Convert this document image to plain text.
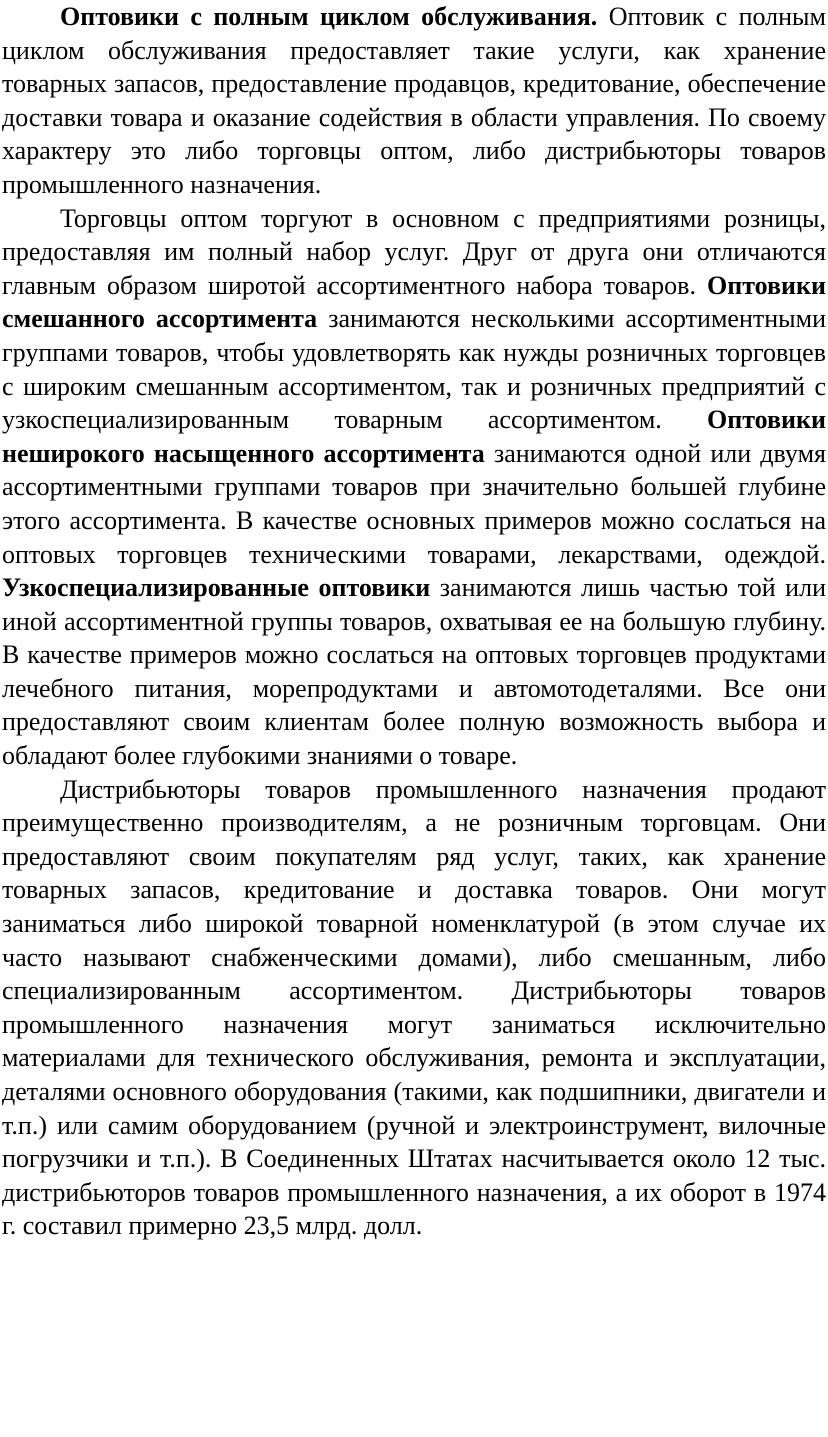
Оптовики с полным циклом обслуживания. Оптовик с полным циклом обслуживания предоставляет такие услуги, как хранение товарных запасов, предоставление продавцов, кредитование, обеспечение доставки товара и оказание содействия в области управления. По своему характеру это либо торговцы оптом, либо дистрибьюторы товаров промышленного назначения.

Торговцы оптом торгуют в основном с предприятиями розницы, предоставляя им полный набор услуг. Друг от друга они отличаются главным образом широтой ассортиментного набора товаров. Оптовики смешанного ассортимента занимаются несколькими ассортиментными группами товаров, чтобы удовлетворять как нужды розничных торговцев с широким смешанным ассортиментом, так и розничных предприятий с узкоспециализированным товарным ассортиментом. Оптовики неширокого насыщенного ассортимента занимаются одной или двумя ассортиментными группами товаров при значительно большей глубине этого ассортимента. В качестве основных примеров можно сослаться на оптовых торговцев техническими товарами, лекарствами, одеждой. Узкоспециализированные оптовики занимаются лишь частью той или иной ассортиментной группы товаров, охватывая ее на большую глубину. В качестве примеров можно сослаться на оптовых торговцев продуктами лечебного питания, морепродуктами и автомотодеталями. Все они предоставляют своим клиентам более полную возможность выбора и обладают более глубокими знаниями о товаре.

Дистрибьюторы товаров промышленного назначения продают преимущественно производителям, а не розничным торговцам. Они предоставляют своим покупателям ряд услуг, таких, как хранение товарных запасов, кредитование и доставка товаров. Они могут заниматься либо широкой товарной номенклатурой (в этом случае их часто называют снабженческими домами), либо смешанным, либо специализированным ассортиментом. Дистрибьюторы товаров промышленного назначения могут заниматься исключительно материалами для технического обслуживания, ремонта и эксплуатации, деталями основного оборудования (такими, как подшипники, двигатели и т.п.) или самим оборудованием (ручной и электроинструмент, вилочные погрузчики и т.п.). В Соединенных Штатах насчитывается около 12 тыс. дистрибьюторов товаров промышленного назначения, а их оборот в 1974 г. составил примерно 23,5 млрд. долл.
